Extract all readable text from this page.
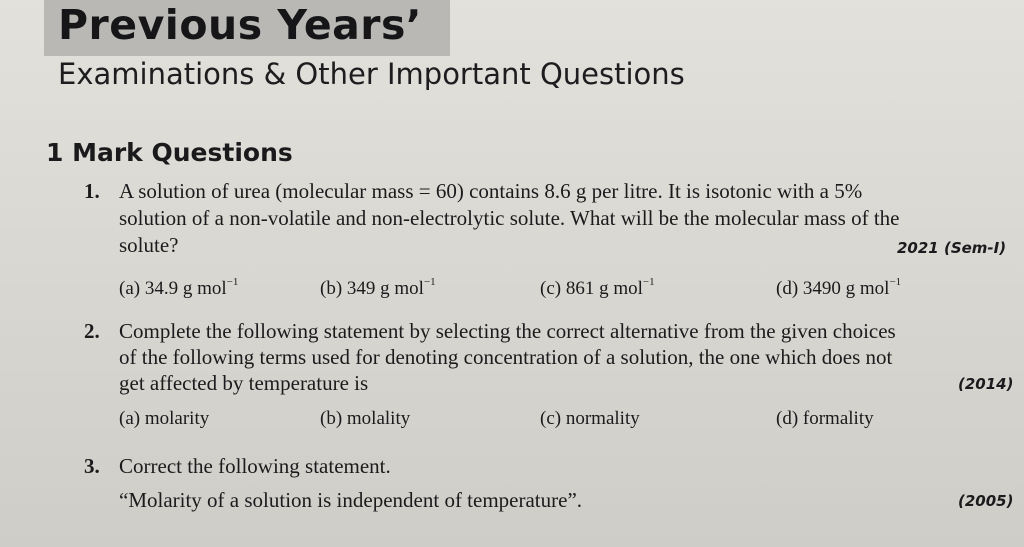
Previous Years’
Examinations & Other Important Questions
1 Mark Questions
1. A solution of urea (molecular mass = 60) contains 8.6 g per litre. It is isotonic with a 5%
solution of a non-volatile and non-electrolytic solute. What will be the molecular mass of the
solute?	2021 (Sem-I)
(a) 34.9 g mol$^{-1}$	(b) 349 g mol$^{-1}$	(c) 861 g mol$^{-1}$	(d) 3490 g mol$^{-1}$
2. Complete the following statement by selecting the correct alternative from the given choices
of the following terms used for denoting concentration of a solution, the one which does not
get affected by temperature is	(2014)
(a) molarity	(b) molality	(c) normality	(d) formality
3. Correct the following statement.
“Molarity of a solution is independent of temperature”.	(2005)
